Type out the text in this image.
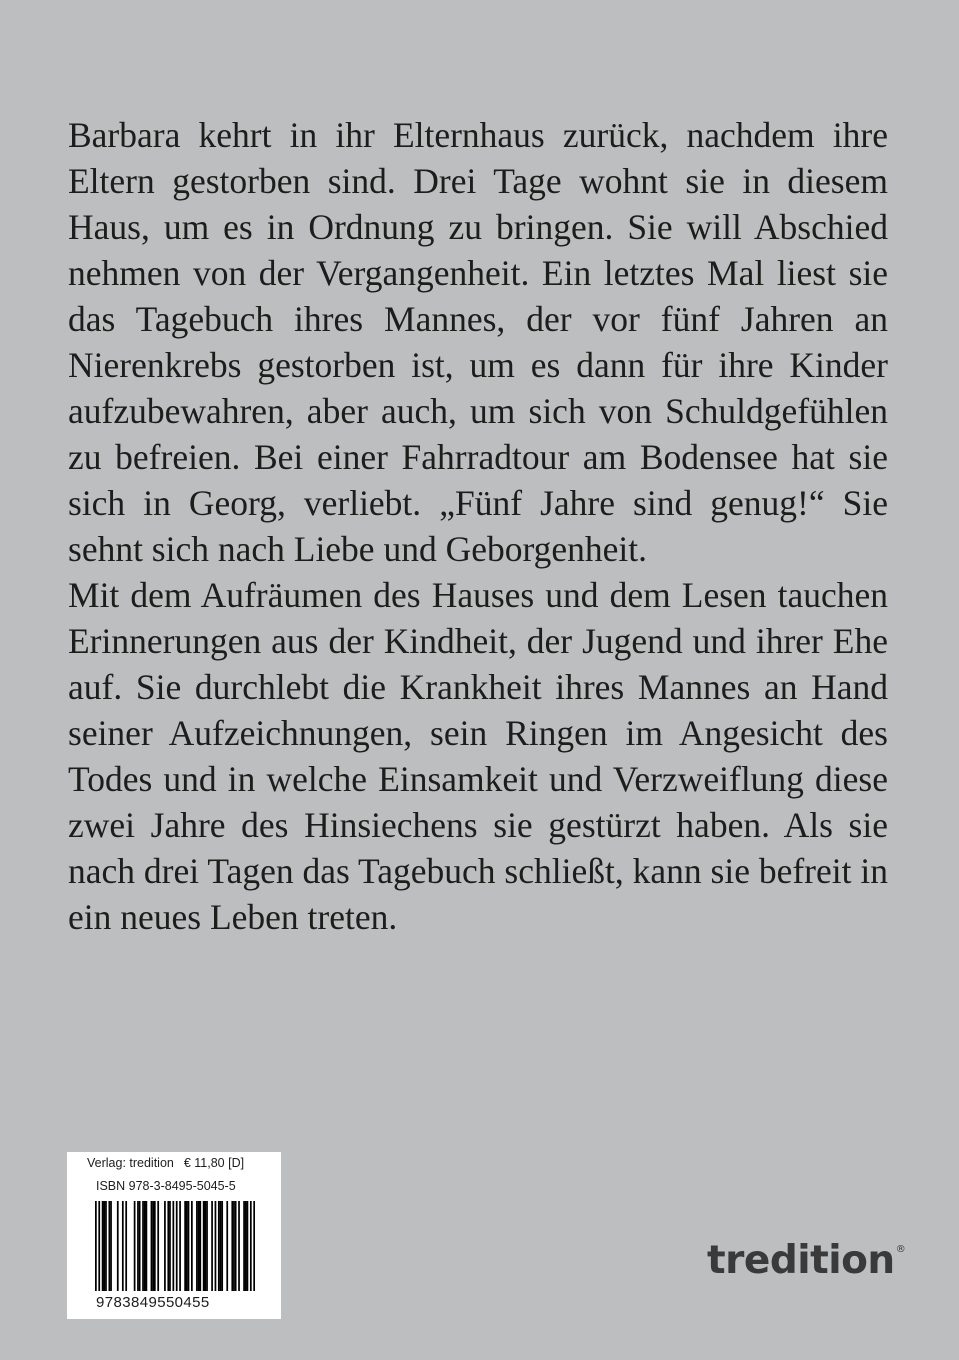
Barbara kehrt in ihr Elternhaus zurück, nachdem ihre Eltern gestorben sind. Drei Tage wohnt sie in diesem Haus, um es in Ordnung zu bringen. Sie will Abschied nehmen von der Vergangenheit. Ein letztes Mal liest sie das Tagebuch ihres Mannes, der vor fünf Jahren an Nierenkrebs gestorben ist, um es dann für ihre Kinder aufzubewahren, aber auch, um sich von Schuldgefühlen zu befreien. Bei einer Fahrradtour am Bodensee hat sie sich in Georg, verliebt. „Fünf Jahre sind genug!“ Sie sehnt sich nach Liebe und Geborgenheit.

Mit dem Aufräumen des Hauses und dem Lesen tauchen Erinnerungen aus der Kindheit, der Jugend und ihrer Ehe auf. Sie durchlebt die Krankheit ihres Mannes an Hand seiner Aufzeichnungen, sein Ringen im Angesicht des Todes und in welche Einsamkeit und Verzweiflung diese zwei Jahre des Hinsiechens sie gestürzt haben. Als sie nach drei Tagen das Tagebuch schließt, kann sie befreit in ein neues Leben treten.

Verlag: tredition € 11,80 [D]
ISBN 978-3-8495-5045-5
9783849550455
tredition®
